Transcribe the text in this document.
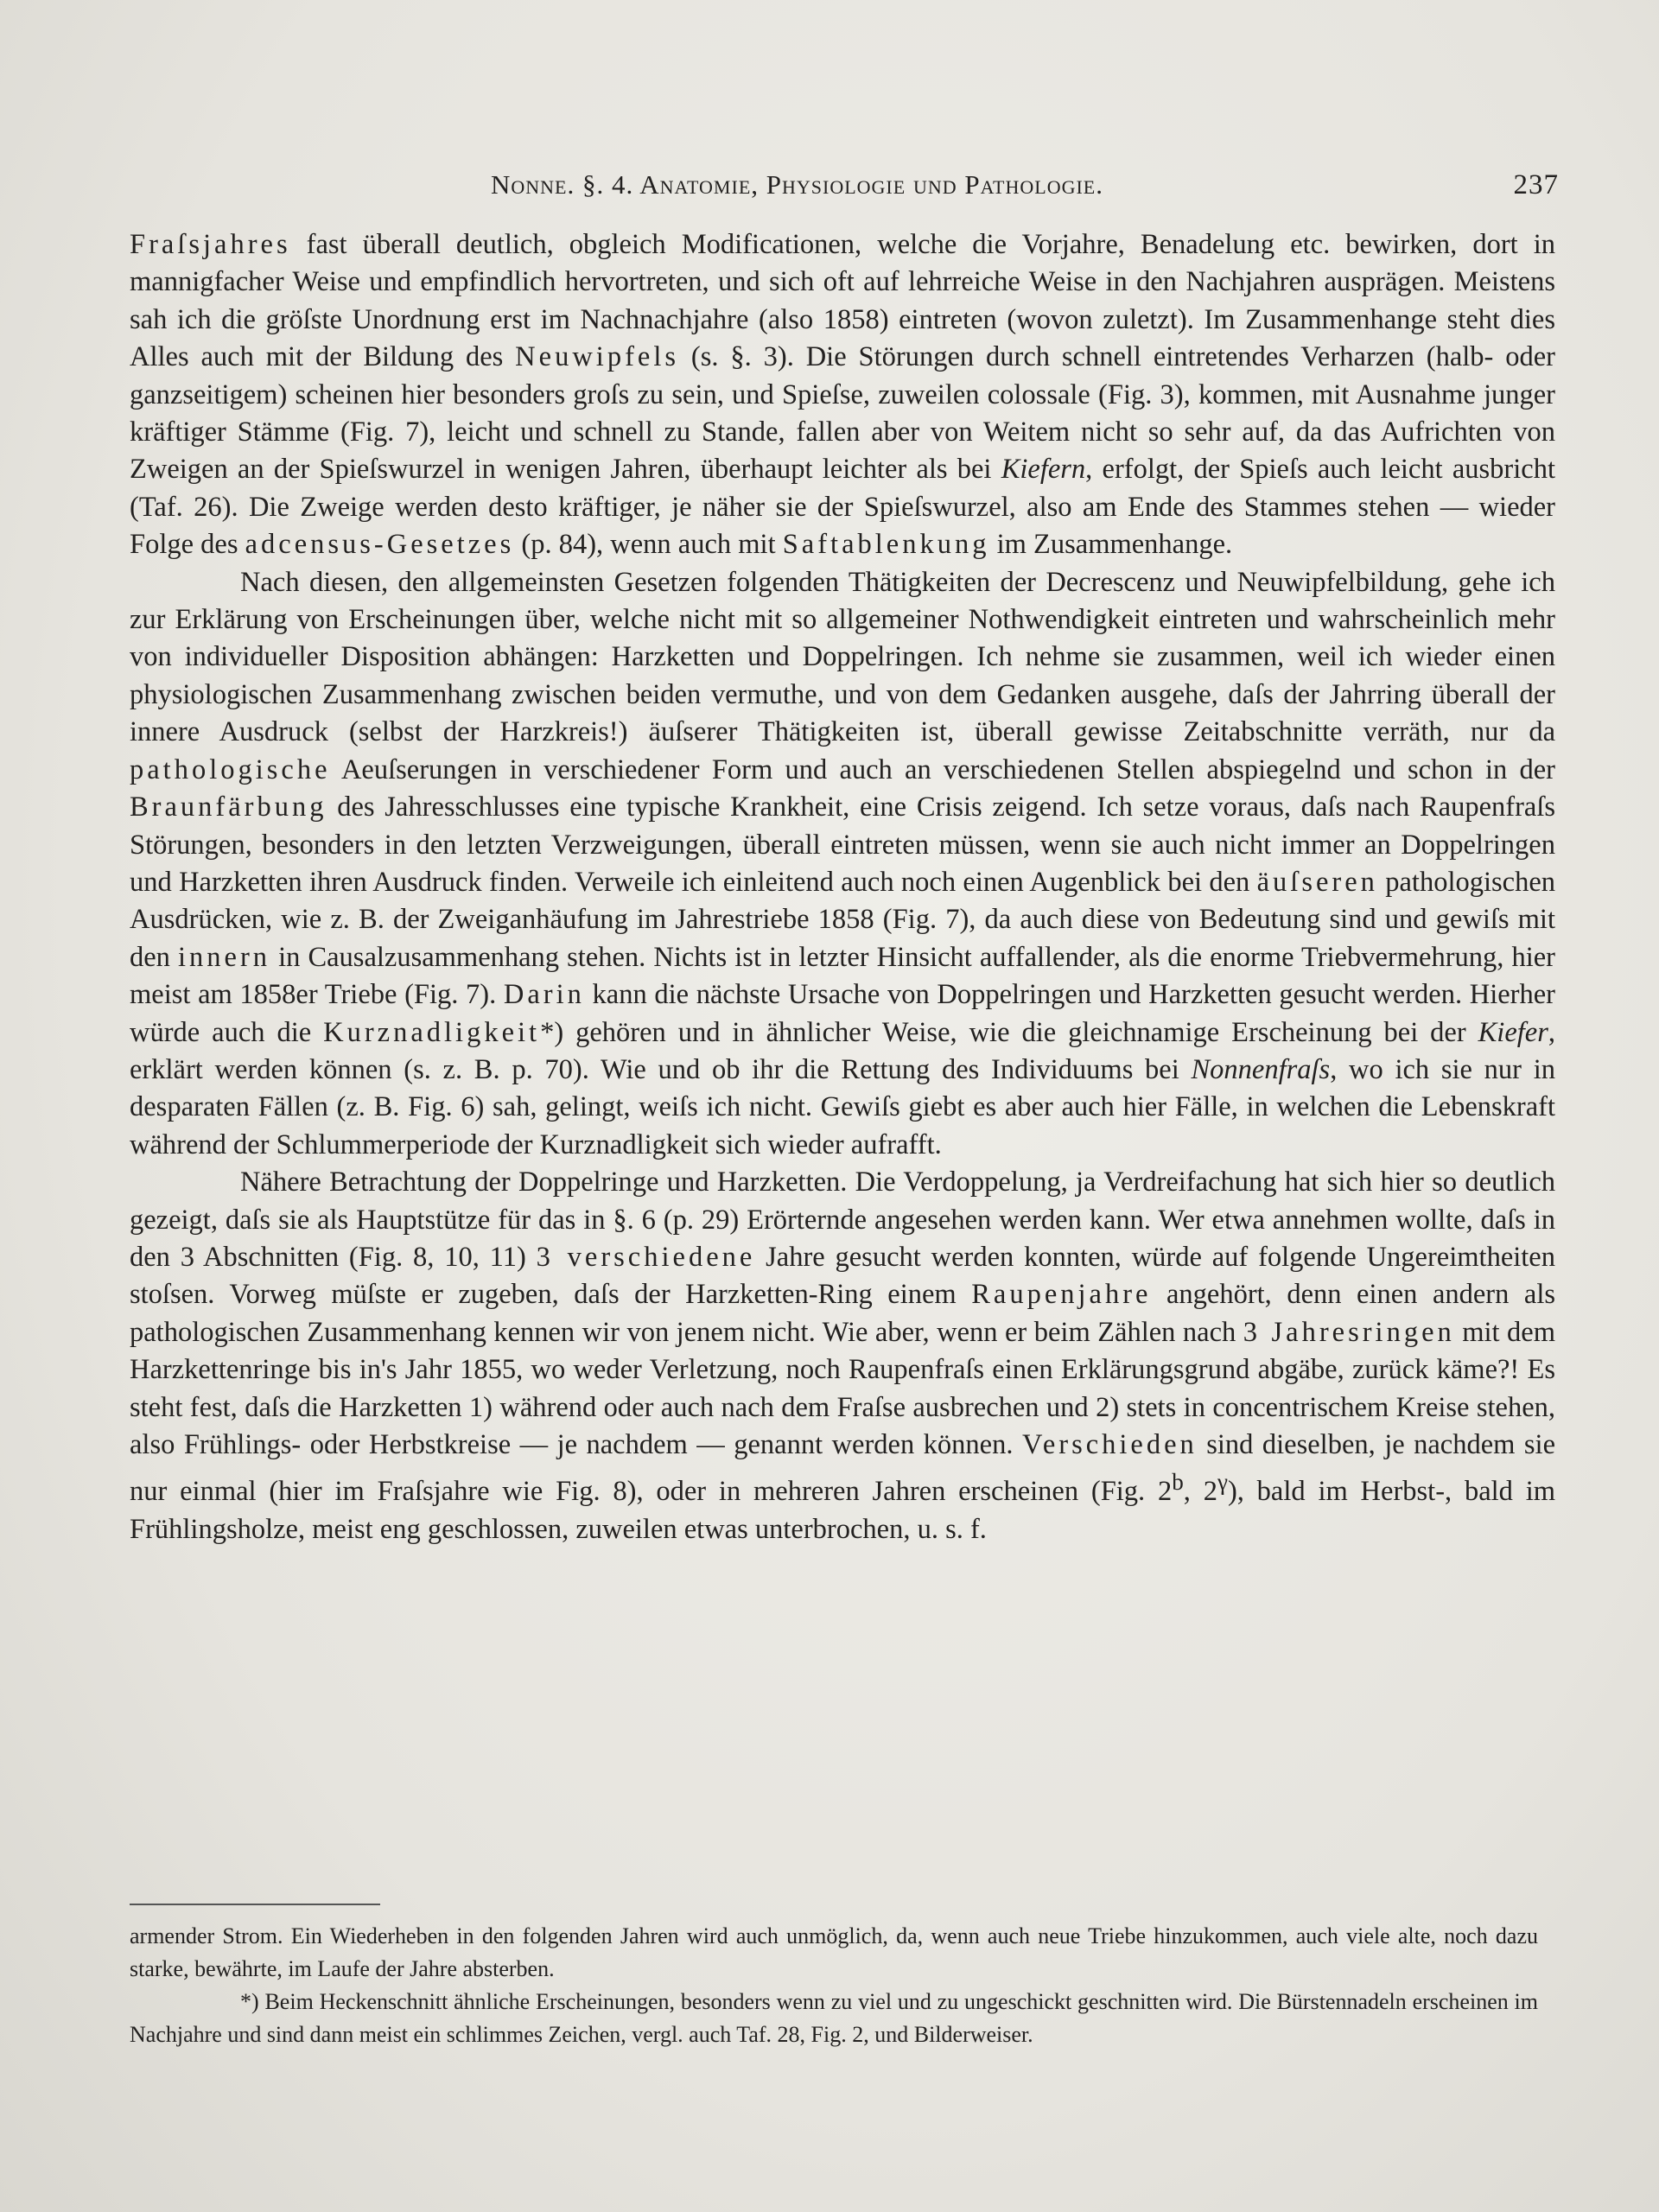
Nonne. §. 4. Anatomie, Physiologie und Pathologie.	237

Fraſsjahres fast überall deutlich, obgleich Modificationen, welche die Vorjahre, Benadelung etc. bewirken, dort in mannigfacher Weise und empfindlich hervortreten, und sich oft auf lehrreiche Weise in den Nachjahren ausprägen. Meistens sah ich die gröſste Unordnung erst im Nachnachjahre (also 1858) eintreten (wovon zuletzt). Im Zusammenhange steht dies Alles auch mit der Bildung des Neuwipfels (s. §. 3). Die Störungen durch schnell eintretendes Verharzen (halb- oder ganzseitigem) scheinen hier besonders groſs zu sein, und Spieſse, zuweilen colossale (Fig. 3), kommen, mit Ausnahme junger kräftiger Stämme (Fig. 7), leicht und schnell zu Stande, fallen aber von Weitem nicht so sehr auf, da das Aufrichten von Zweigen an der Spieſswurzel in wenigen Jahren, überhaupt leichter als bei Kiefern, erfolgt, der Spieſs auch leicht ausbricht (Taf. 26). Die Zweige werden desto kräftiger, je näher sie der Spieſswurzel, also am Ende des Stammes stehen — wieder Folge des adcensus-Gesetzes (p. 84), wenn auch mit Saftablenkung im Zusammenhange.

Nach diesen, den allgemeinsten Gesetzen folgenden Thätigkeiten der Decrescenz und Neuwipfelbildung, gehe ich zur Erklärung von Erscheinungen über, welche nicht mit so allgemeiner Nothwendigkeit eintreten und wahrscheinlich mehr von individueller Disposition abhängen: Harzketten und Doppelringen. Ich nehme sie zusammen, weil ich wieder einen physiologischen Zusammenhang zwischen beiden vermuthe, und von dem Gedanken ausgehe, daſs der Jahrring überall der innere Ausdruck (selbst der Harzkreis!) äuſserer Thätigkeiten ist, überall gewisse Zeitabschnitte verräth, nur da pathologische Aeuſserungen in verschiedener Form und auch an verschiedenen Stellen abspiegelnd und schon in der Braunfärbung des Jahresschlusses eine typische Krankheit, eine Crisis zeigend. Ich setze voraus, daſs nach Raupenfraſs Störungen, besonders in den letzten Verzweigungen, überall eintreten müssen, wenn sie auch nicht immer an Doppelringen und Harzketten ihren Ausdruck finden. Verweile ich einleitend auch noch einen Augenblick bei den äuſseren pathologischen Ausdrücken, wie z. B. der Zweiganhäufung im Jahrestriebe 1858 (Fig. 7), da auch diese von Bedeutung sind und gewiſs mit den innern in Causalzusammenhang stehen. Nichts ist in letzter Hinsicht auffallender, als die enorme Triebvermehrung, hier meist am 1858er Triebe (Fig. 7). Darin kann die nächste Ursache von Doppelringen und Harzketten gesucht werden. Hierher würde auch die Kurznadligkeit*) gehören und in ähnlicher Weise, wie die gleichnamige Erscheinung bei der Kiefer, erklärt werden können (s. z. B. p. 70). Wie und ob ihr die Rettung des Individuums bei Nonnenfraſs, wo ich sie nur in desparaten Fällen (z. B. Fig. 6) sah, gelingt, weiſs ich nicht. Gewiſs giebt es aber auch hier Fälle, in welchen die Lebenskraft während der Schlummerperiode der Kurznadligkeit sich wieder aufrafft.

Nähere Betrachtung der Doppelringe und Harzketten. Die Verdoppelung, ja Verdreifachung hat sich hier so deutlich gezeigt, daſs sie als Hauptstütze für das in §. 6 (p. 29) Erörternde angesehen werden kann. Wer etwa annehmen wollte, daſs in den 3 Abschnitten (Fig. 8, 10, 11) 3 verschiedene Jahre gesucht werden konnten, würde auf folgende Ungereimtheiten stoſsen. Vorweg müſste er zugeben, daſs der Harzketten-Ring einem Raupenjahre angehört, denn einen andern als pathologischen Zusammenhang kennen wir von jenem nicht. Wie aber, wenn er beim Zählen nach 3 Jahresringen mit dem Harzkettenringe bis in's Jahr 1855, wo weder Verletzung, noch Raupenfraſs einen Erklärungsgrund abgäbe, zurück käme?! Es steht fest, daſs die Harzketten 1) während oder auch nach dem Fraſse ausbrechen und 2) stets in concentrischem Kreise stehen, also Frühlings- oder Herbstkreise — je nachdem — genannt werden können. Verschieden sind dieselben, je nachdem sie nur einmal (hier im Fraſsjahre wie Fig. 8), oder in mehreren Jahren erscheinen (Fig. 2$^b$, $2^\gamma$), bald im Herbst-, bald im Frühlingsholze, meist eng geschlossen, zuweilen etwas unterbrochen, u. s. f.

armender Strom. Ein Wiederheben in den folgenden Jahren wird auch unmöglich, da, wenn auch neue Triebe hinzukommen, auch viele alte, noch dazu starke, bewährte, im Laufe der Jahre absterben.

*) Beim Heckenschnitt ähnliche Erscheinungen, besonders wenn zu viel und zu ungeschickt geschnitten wird. Die Bürstennadeln erscheinen im Nachjahre und sind dann meist ein schlimmes Zeichen, vergl. auch Taf. 28, Fig. 2, und Bilderweiser.
